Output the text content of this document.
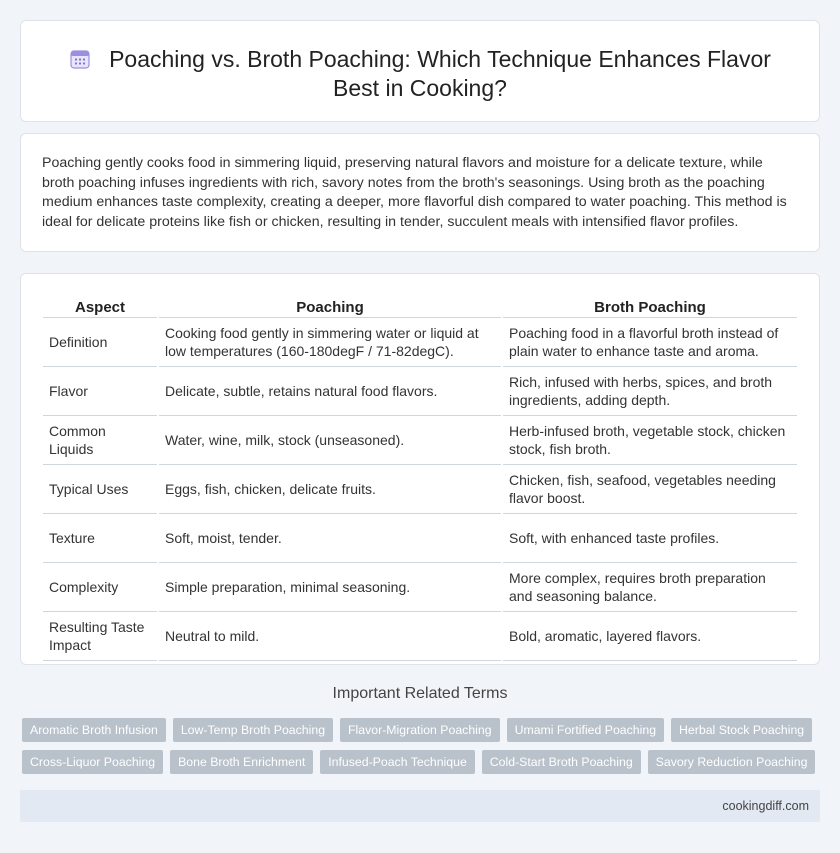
Poaching vs. Broth Poaching: Which Technique Enhances Flavor Best in Cooking?

Poaching gently cooks food in simmering liquid, preserving natural flavors and moisture for a delicate texture, while broth poaching infuses ingredients with rich, savory notes from the broth's seasonings. Using broth as the poaching medium enhances taste complexity, creating a deeper, more flavorful dish compared to water poaching. This method is ideal for delicate proteins like fish or chicken, resulting in tender, succulent meals with intensified flavor profiles.

Aspect	Poaching	Broth Poaching
Definition	Cooking food gently in simmering water or liquid at low temperatures (160-180degF / 71-82degC).	Poaching food in a flavorful broth instead of plain water to enhance taste and aroma.
Flavor	Delicate, subtle, retains natural food flavors.	Rich, infused with herbs, spices, and broth ingredients, adding depth.
Common Liquids	Water, wine, milk, stock (unseasoned).	Herb-infused broth, vegetable stock, chicken stock, fish broth.
Typical Uses	Eggs, fish, chicken, delicate fruits.	Chicken, fish, seafood, vegetables needing flavor boost.
Texture	Soft, moist, tender.	Soft, with enhanced taste profiles.
Complexity	Simple preparation, minimal seasoning.	More complex, requires broth preparation and seasoning balance.
Resulting Taste Impact	Neutral to mild.	Bold, aromatic, layered flavors.
Important Related Terms
Aromatic Broth Infusion	Low-Temp Broth Poaching	Flavor-Migration Poaching	Umami Fortified Poaching	Herbal Stock Poaching
Cross-Liquor Poaching	Bone Broth Enrichment	Infused-Poach Technique	Cold-Start Broth Poaching	Savory Reduction Poaching
cookingdiff.com
